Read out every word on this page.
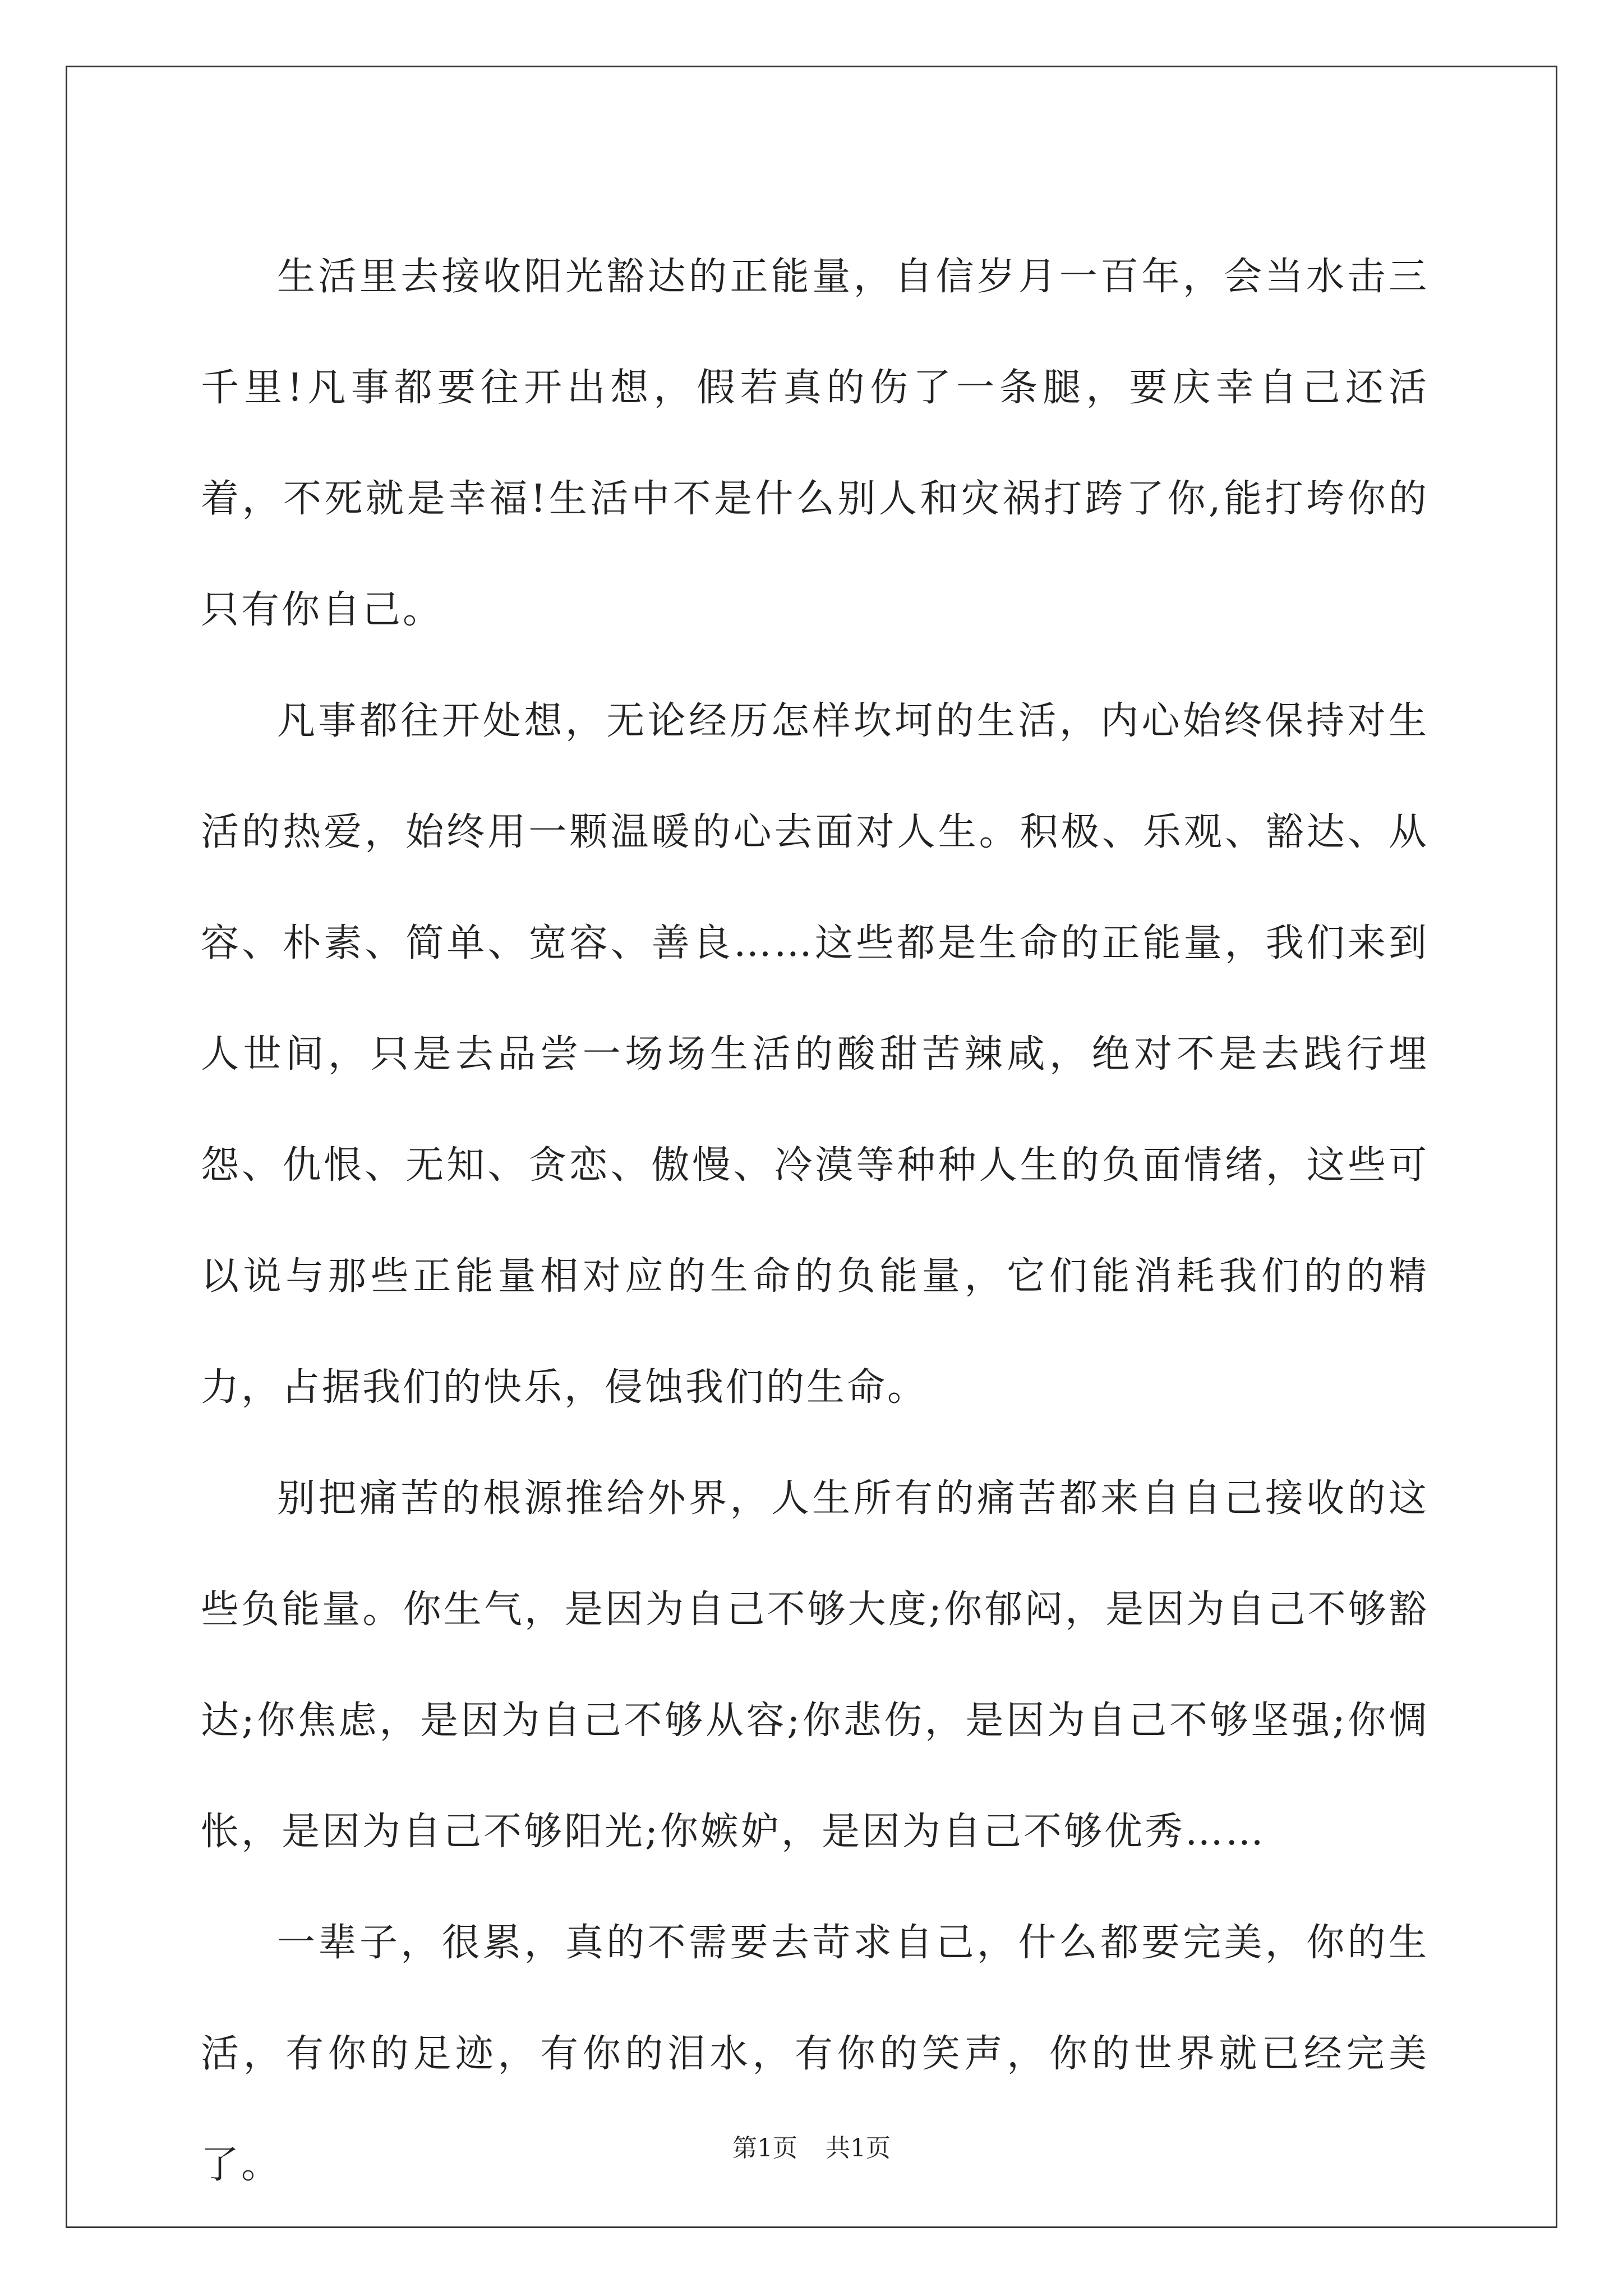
生活里去接收阳光豁达的正能量，自信岁月一百年，会当水击三千里!凡事都要往开出想，假若真的伤了一条腿，要庆幸自己还活着，不死就是幸福!生活中不是什么别人和灾祸打跨了你,能打垮你的只有你自己。

凡事都往开处想，无论经历怎样坎坷的生活，内心始终保持对生活的热爱，始终用一颗温暖的心去面对人生。积极、乐观、豁达、从容、朴素、简单、宽容、善良……这些都是生命的正能量，我们来到人世间，只是去品尝一场场生活的酸甜苦辣咸，绝对不是去践行埋怨、仇恨、无知、贪恋、傲慢、冷漠等种种人生的负面情绪，这些可以说与那些正能量相对应的生命的负能量，它们能消耗我们的的精力，占据我们的快乐，侵蚀我们的生命。

别把痛苦的根源推给外界，人生所有的痛苦都来自自己接收的这些负能量。你生气，是因为自己不够大度;你郁闷，是因为自己不够豁达;你焦虑，是因为自己不够从容;你悲伤，是因为自己不够坚强;你惆怅，是因为自己不够阳光;你嫉妒，是因为自己不够优秀……

一辈子，很累，真的不需要去苛求自己，什么都要完美，你的生活，有你的足迹，有你的泪水，有你的笑声，你的世界就已经完美了。	第1页 共1页
